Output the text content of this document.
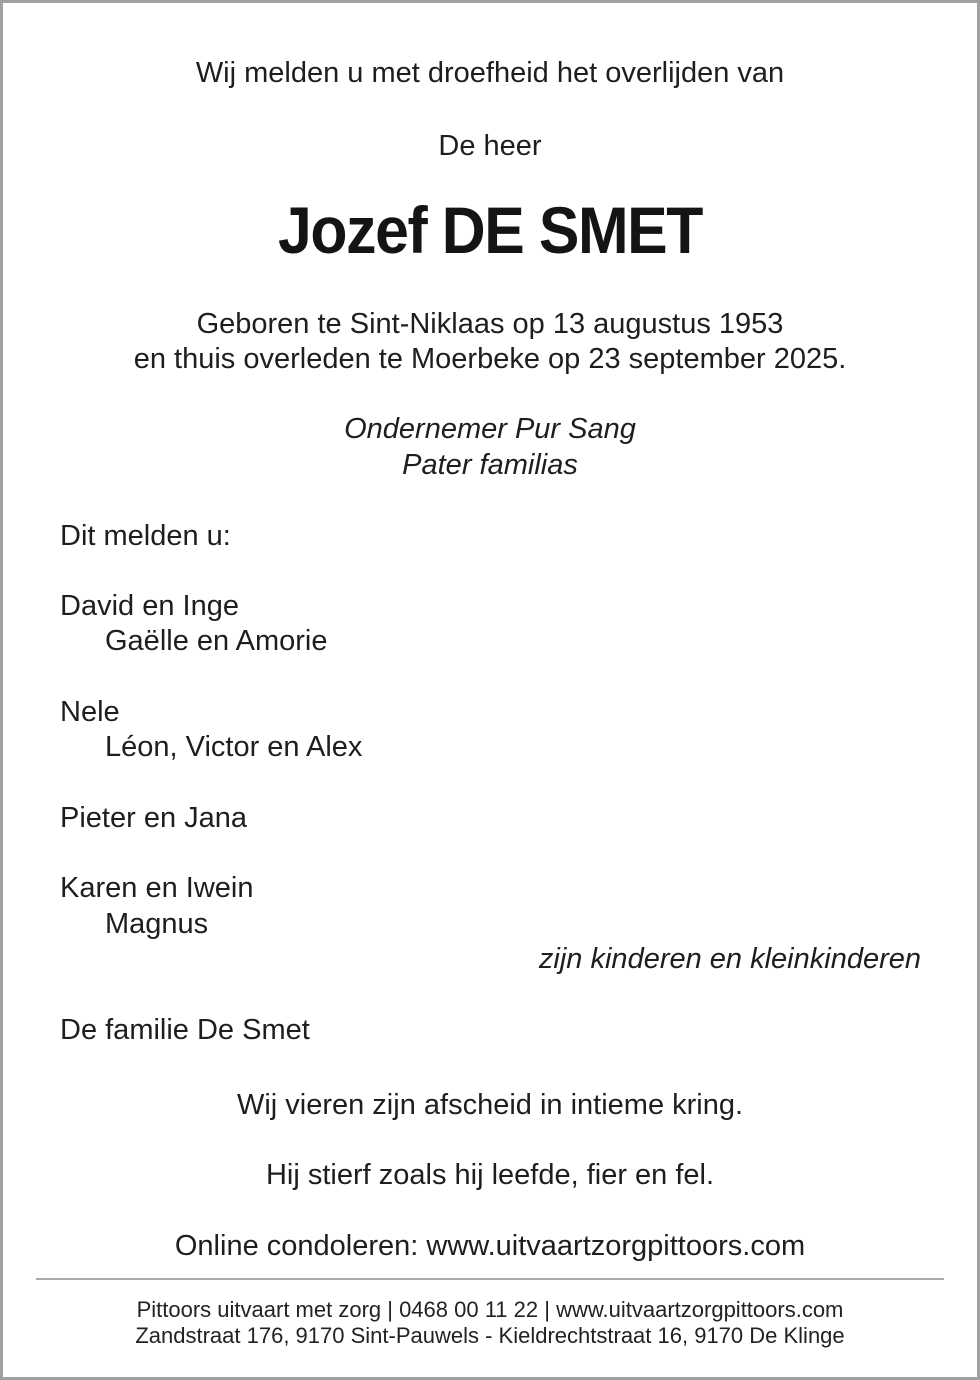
Wij melden u met droefheid het overlijden van
De heer
Jozef DE SMET
Geboren te Sint-Niklaas op 13 augustus 1953
en thuis overleden te Moerbeke op 23 september 2025.
Ondernemer Pur Sang
Pater familias
Dit melden u:
David en Inge
Gaëlle en Amorie
Nele
Léon, Victor en Alex
Pieter en Jana
Karen en Iwein
Magnus
zijn kinderen en kleinkinderen
De familie De Smet
Wij vieren zijn afscheid in intieme kring.
Hij stierf zoals hij leefde, fier en fel.
Online condoleren: www.uitvaartzorgpittoors.com
Pittoors uitvaart met zorg | 0468 00 11 22 | www.uitvaartzorgpittoors.com
Zandstraat 176, 9170 Sint-Pauwels - Kieldrechtstraat 16, 9170 De Klinge
